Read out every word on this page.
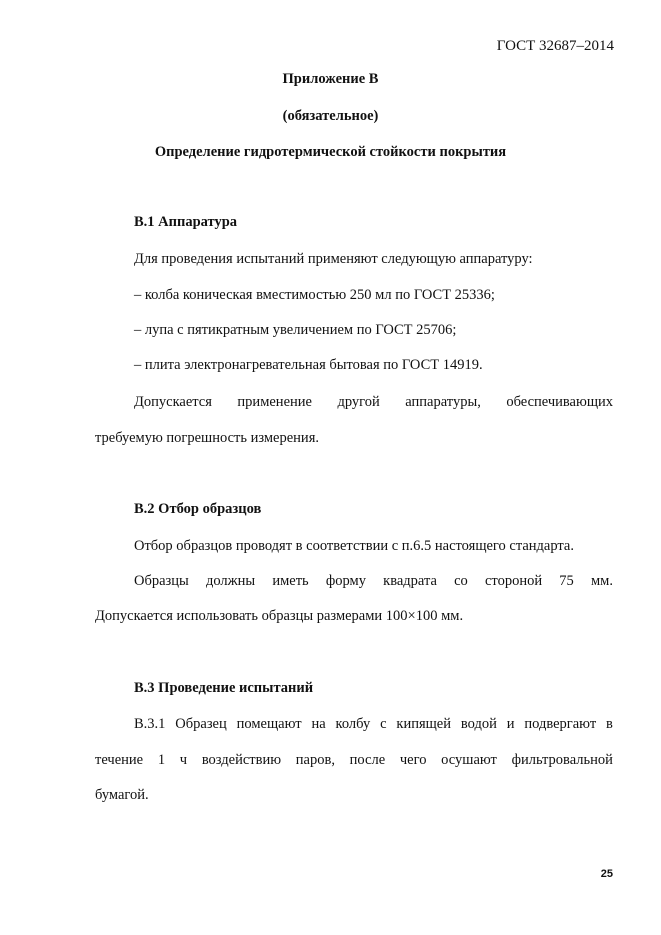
ГОСТ 32687–2014
Приложение В
(обязательное)
Определение гидротермической стойкости покрытия
В.1 Аппаратура
Для проведения испытаний применяют следующую аппаратуру:
– колба коническая вместимостью 250 мл по ГОСТ 25336;
– лупа с пятикратным увеличением по ГОСТ 25706;
– плита электронагревательная бытовая по ГОСТ 14919.
Допускается применение другой аппаратуры, обеспечивающих
требуемую погрешность измерения.
В.2 Отбор образцов
Отбор образцов проводят в соответствии с п.6.5 настоящего стандарта.
Образцы должны иметь форму квадрата со стороной 75 мм.
Допускается использовать образцы размерами 100×100 мм.
В.3 Проведение испытаний
В.3.1 Образец помещают на колбу с кипящей водой и подвергают в
течение 1 ч воздействию паров, после чего осушают фильтровальной
бумагой.
25
